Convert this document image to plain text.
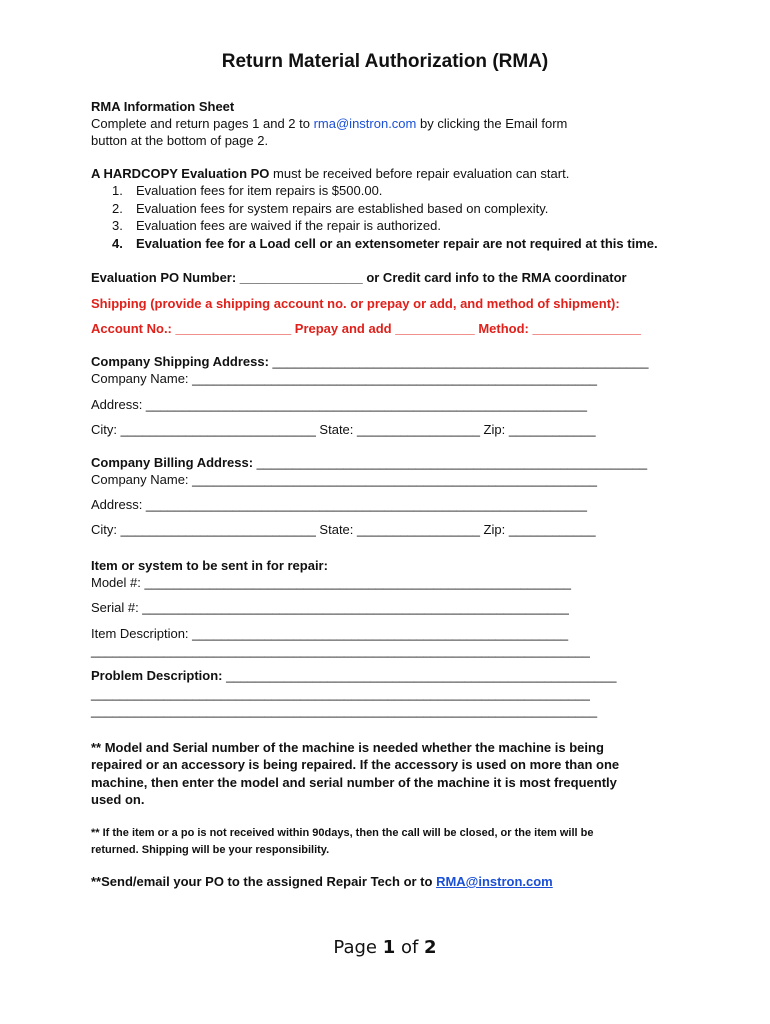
Return Material Authorization (RMA)
RMA Information Sheet
Complete and return pages 1 and 2 to rma@instron.com by clicking the Email form
button at the bottom of page 2.
A HARDCOPY Evaluation PO must be received before repair evaluation can start.
1. Evaluation fees for item repairs is $500.00.
2. Evaluation fees for system repairs are established based on complexity.
3. Evaluation fees are waived if the repair is authorized.
4. Evaluation fee for a Load cell or an extensometer repair are not required at this time.
Evaluation PO Number: _________________ or Credit card info to the RMA coordinator
Shipping (provide a shipping account no. or prepay or add, and method of shipment):
Account No.: ________________ Prepay and add ___________ Method: _______________
Company Shipping Address: ____________________________________________________
Company Name: ________________________________________________________
Address: _____________________________________________________________
City: ___________________________ State: _________________ Zip: ____________
Company Billing Address: ______________________________________________________
Company Name: ________________________________________________________
Address: _____________________________________________________________
City: ___________________________ State: _________________ Zip: ____________
Item or system to be sent in for repair:
Model #: ___________________________________________________________
Serial #: ___________________________________________________________
Item Description: ____________________________________________________
_____________________________________________________________________
Problem Description: ______________________________________________________
_____________________________________________________________________
______________________________________________________________________
** Model and Serial number of the machine is needed whether the machine is being
repaired or an accessory is being repaired. If the accessory is used on more than one
machine, then enter the model and serial number of the machine it is most frequently
used on.
** If the item or a po is not received within 90days, then the call will be closed, or the item will be
returned. Shipping will be your responsibility.
**Send/email your PO to the assigned Repair Tech or to RMA@instron.com
Page 1 of 2
